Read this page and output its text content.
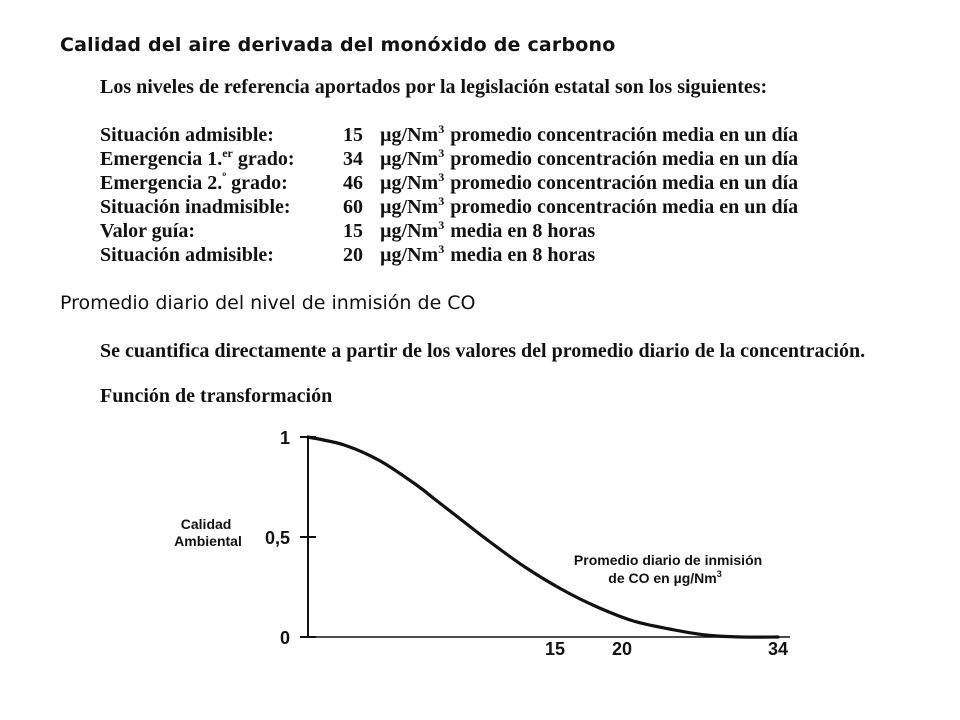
Calidad del aire derivada del monóxido de carbono

Los niveles de referencia aportados por la legislación estatal son los siguientes:

Situación admisible:	15	µg/Nm$^3$	promedio concentración media en un día
Emergencia 1.$^{er}$ grado:	34	µg/Nm$^3$	promedio concentración media en un día
Emergencia 2.$^º$ grado:	46	µg/Nm$^3$	promedio concentración media en un día
Situación inadmisible:	60	µg/Nm$^3$	promedio concentración media en un día
Valor guía:	15	µg/Nm$^3$	media en 8 horas
Situación admisible:	20	µg/Nm$^3$	media en 8 horas
Promedio diario del nivel de inmisión de CO

Se cuantifica directamente a partir de los valores del promedio diario de la concentración.

Función de transformación
1
0,5
0
Calidad Ambiental
15	20	34
Promedio diario de inmisión de CO en µg/Nm$^3$
